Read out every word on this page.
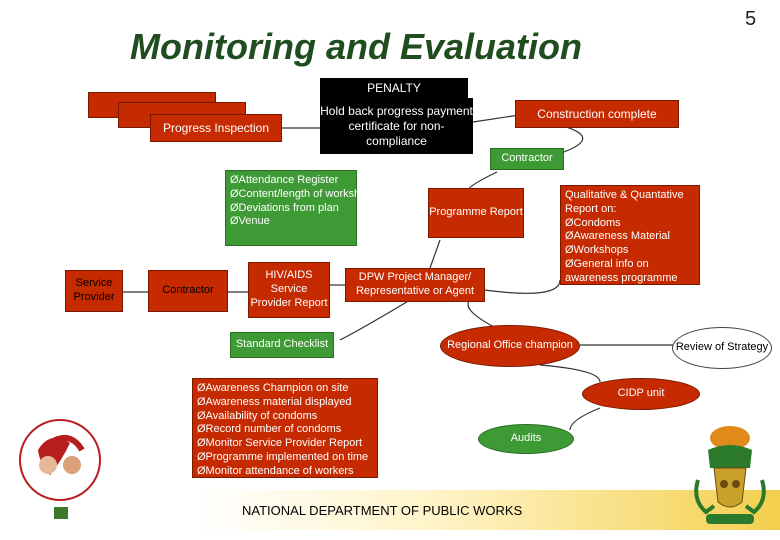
Monitoring and Evaluation
5
Progress Inspection
PENALTY
Hold back progress payment certificate for non-compliance
Construction complete
Contractor
ØAttendance Register
ØContent/length of workshops
ØDeviations from plan
ØVenue
Programme Report
Qualitative & Quantative
Report on:
ØCondoms
ØAwareness Material
ØWorkshops
ØGeneral info on
awareness programme
Service Provider
Contractor
HIV/AIDS Service Provider Report
DPW Project Manager/ Representative or Agent
Standard Checklist	Regional Office champion	Review of Strategy
ØAwareness Champion on site
ØAwareness material displayed
ØAvailability of condoms
ØRecord number of condoms
ØMonitor Service Provider Report
ØProgramme implemented on time
ØMonitor attendance of workers
CIDP unit
Audits
NATIONAL DEPARTMENT OF PUBLIC WORKS
